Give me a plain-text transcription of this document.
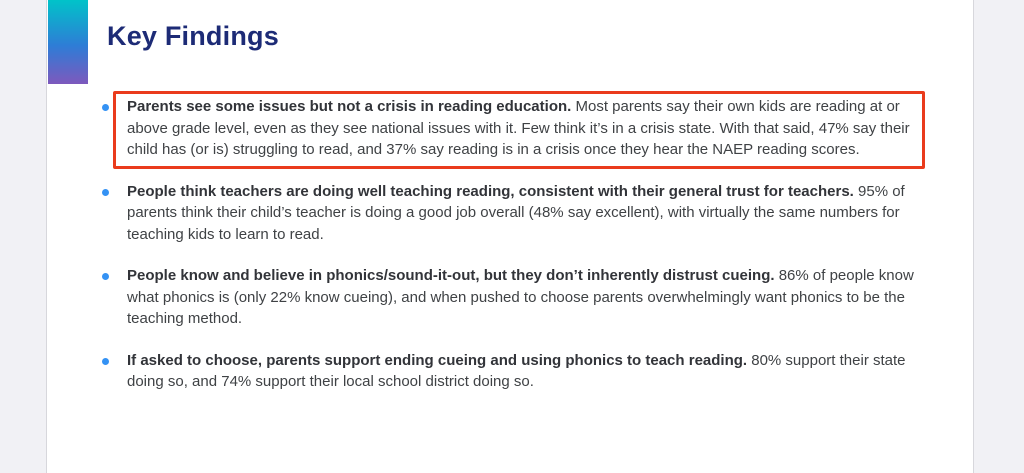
Key Findings
Parents see some issues but not a crisis in reading education. Most parents say their own kids are reading at or above grade level, even as they see national issues with it. Few think it’s in a crisis state. With that said, 47% say their child has (or is) struggling to read, and 37% say reading is in a crisis once they hear the NAEP reading scores.
People think teachers are doing well teaching reading, consistent with their general trust for teachers. 95% of parents think their child’s teacher is doing a good job overall (48% say excellent), with virtually the same numbers for teaching kids to learn to read.
People know and believe in phonics/sound-it-out, but they don’t inherently distrust cueing. 86% of people know what phonics is (only 22% know cueing), and when pushed to choose parents overwhelmingly want phonics to be the teaching method.
If asked to choose, parents support ending cueing and using phonics to teach reading. 80% support their state doing so, and 74% support their local school district doing so.
